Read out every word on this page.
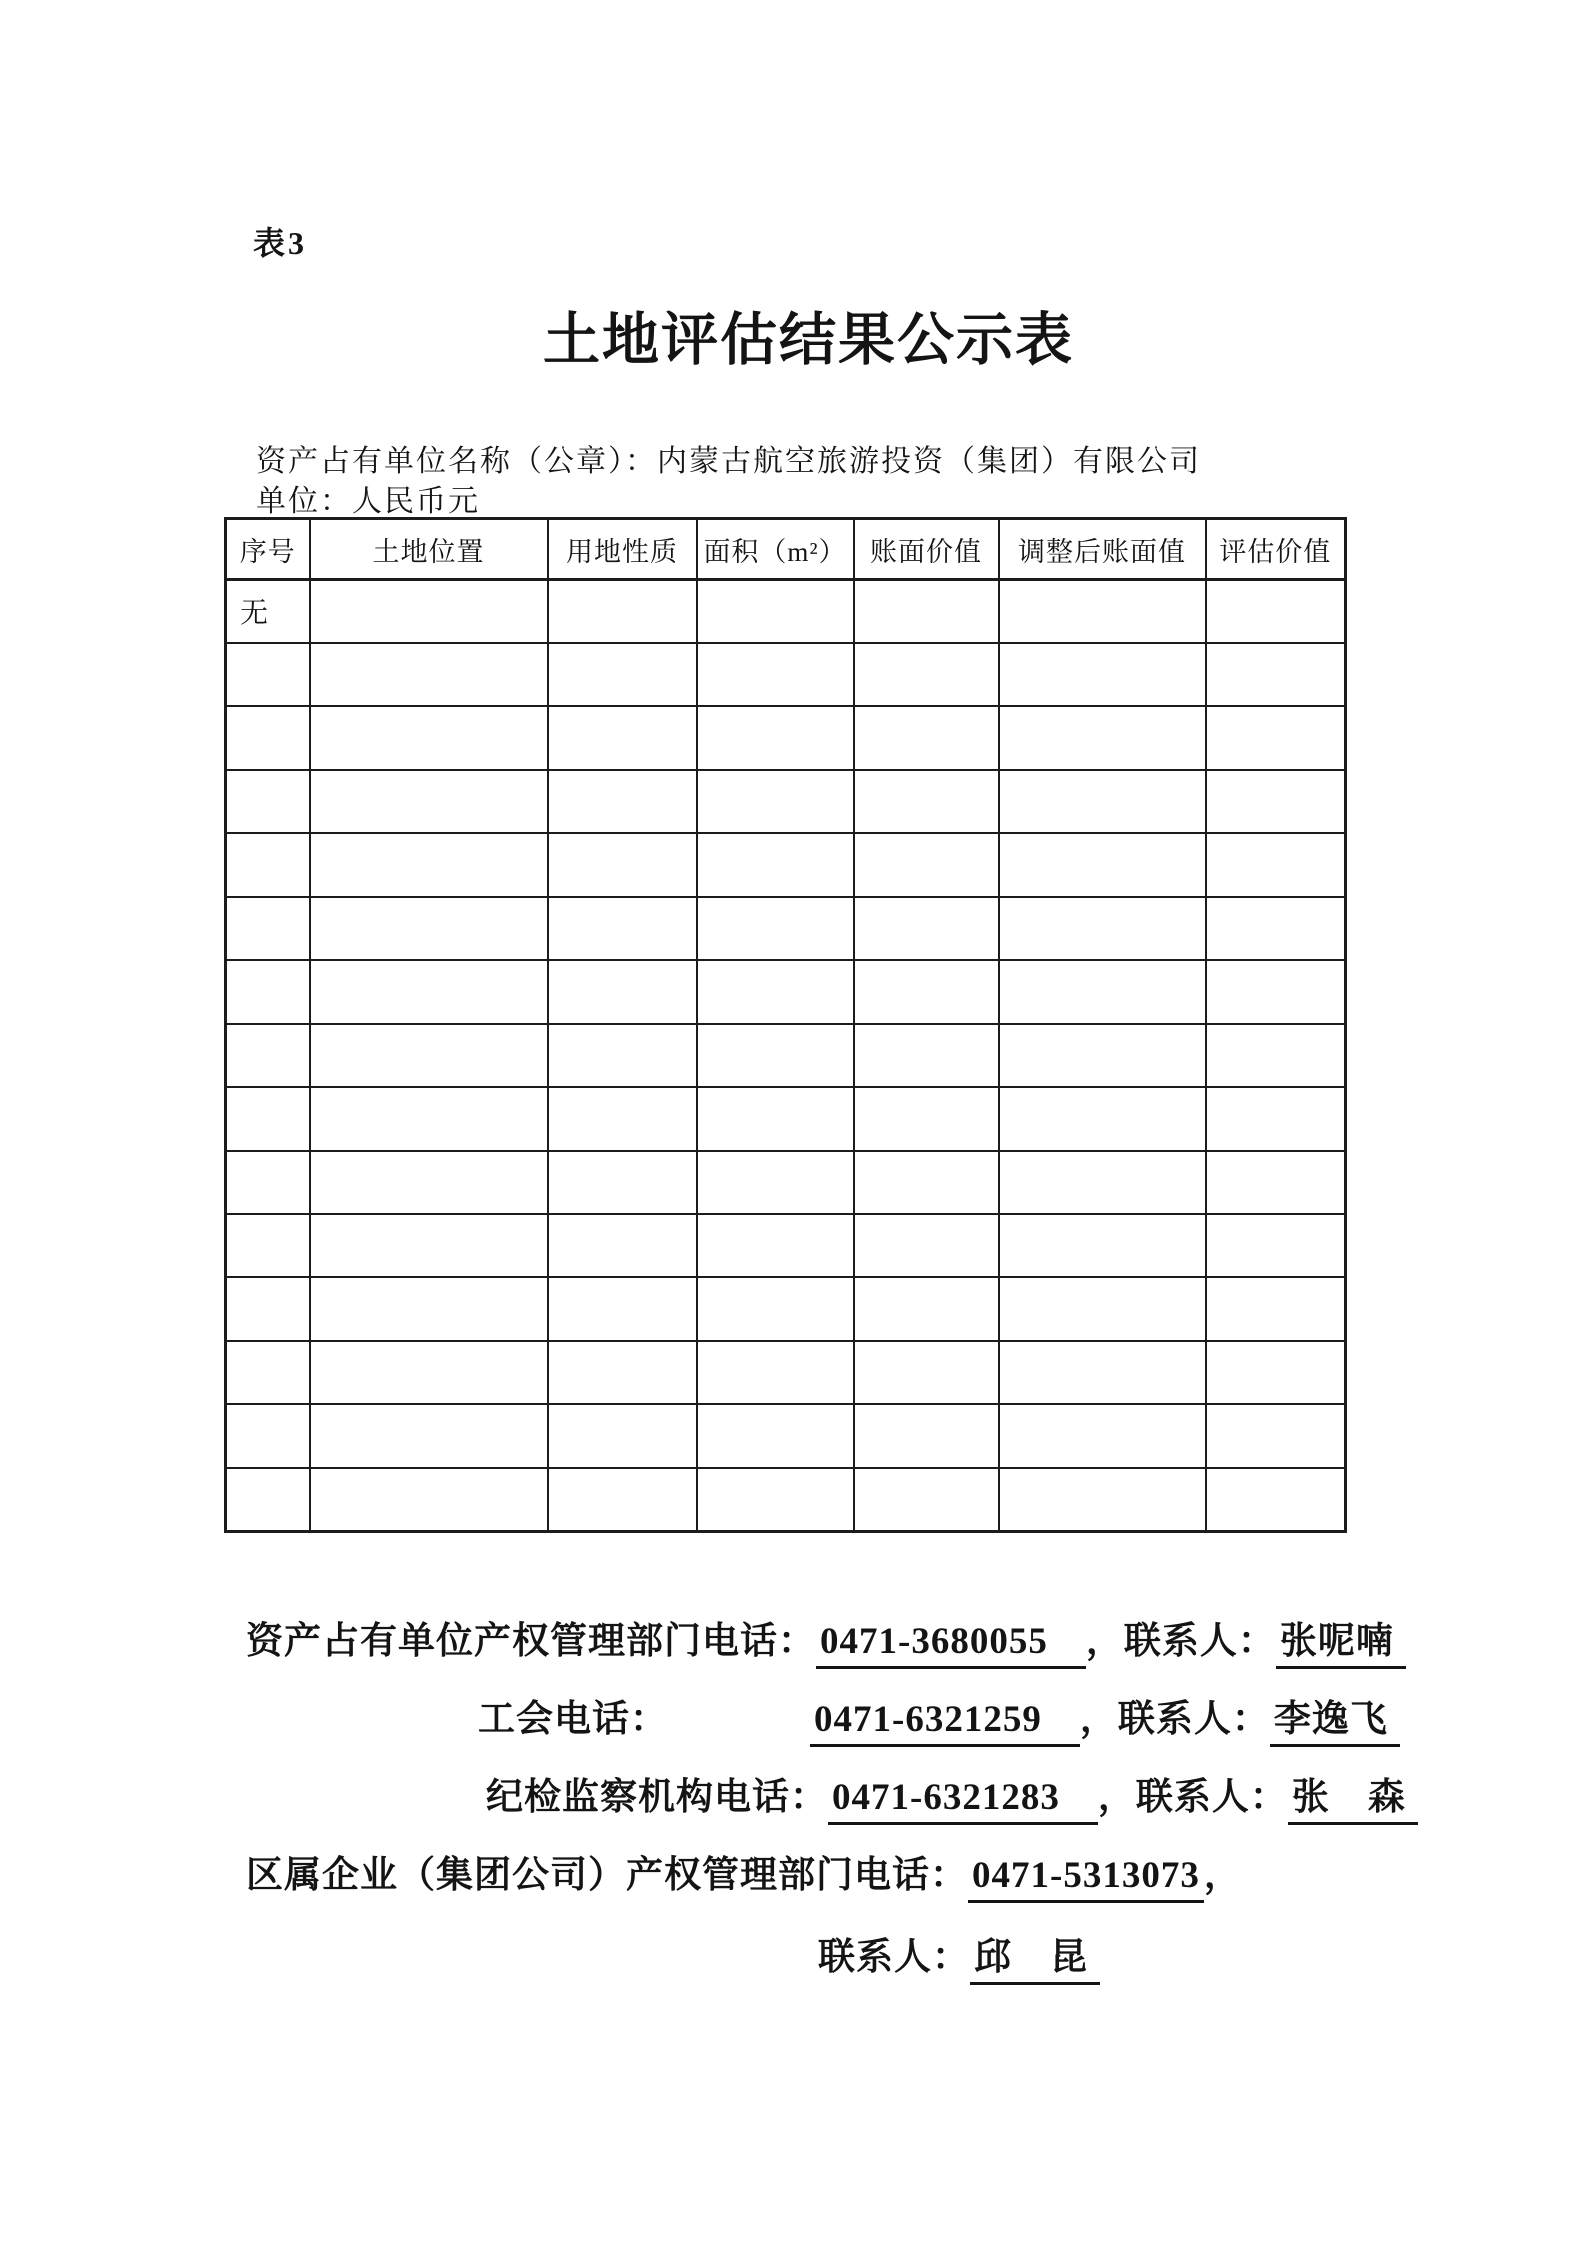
表3
土地评估结果公示表
资产占有单位名称（公章）：内蒙古航空旅游投资（集团）有限公司
单位：人民币元
序号	土地位置	用地性质	面积（m²）	账面价值	调整后账面值	评估价值
无						

资产占有单位产权管理部门电话： 0471-3680055 ，联系人： 张呢喃
工会电话：	0471-6321259 ，联系人： 李逸飞
纪检监察机构电话： 0471-6321283 ，联系人： 张　森
区属企业（集团公司）产权管理部门电话： 0471-5313073 ，
联系人： 邱　昆
